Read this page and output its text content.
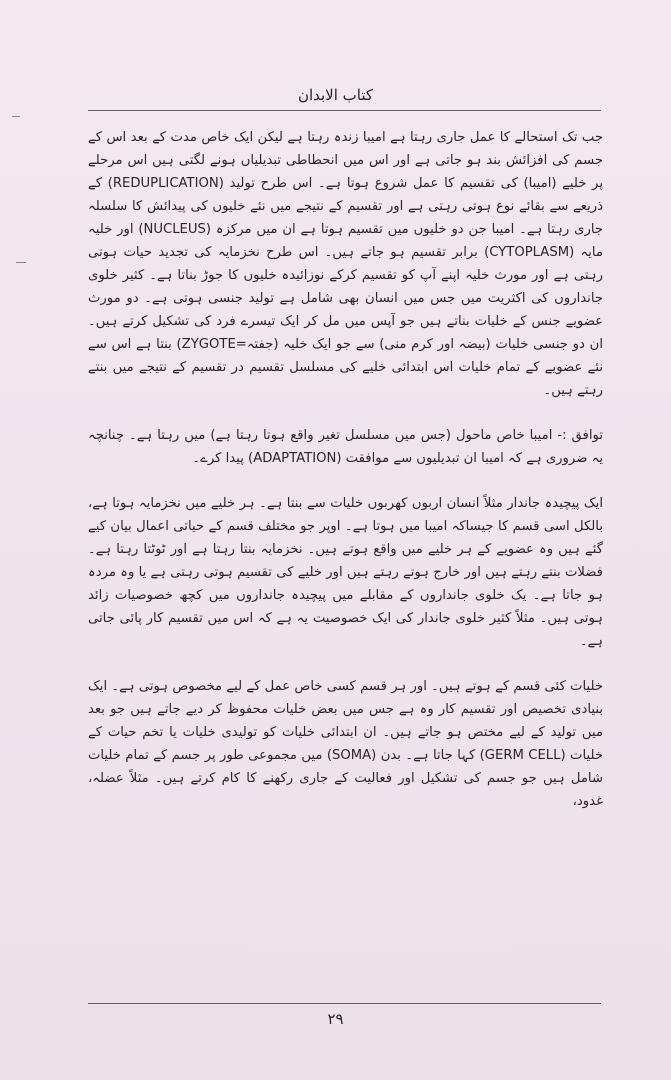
کتاب الابدان

جب تک استحالے کا عمل جاری رہتا ہے امیبا زندہ رہتا ہے لیکن ایک خاص مدت کے بعد اس کے جسم کی افزائش بند ہو جاتی ہے اور اس میں انحطاطی تبدیلیاں ہونے لگتی ہیں اس مرحلے پر خلیے (امیبا) کی تقسیم کا عمل شروع ہوتا ہے۔ اس طرح تولید (REDUPLICATION) کے ذریعے سے بقائے نوع ہوتی رہتی ہے اور تقسیم کے نتیجے میں نئے خلیوں کی پیدائش کا سلسلہ جاری رہتا ہے۔ امیبا جن دو خلیوں میں تقسیم ہوتا ہے ان میں مرکزہ (NUCLEUS) اور خلیہ مایہ (CYTOPLASM) برابر تقسیم ہو جاتے ہیں۔ اس طرح نخزمایہ کی تجدید حیات ہوتی رہتی ہے اور مورث خلیہ اپنے آپ کو تقسیم کرکے نوزائیدہ خلیوں کا جوڑ بناتا ہے۔ کثیر خلوی جانداروں کی اکثریت میں جس میں انسان بھی شامل ہے تولید جنسی ہوتی ہے۔ دو مورث عضویے جنس کے خلیات بناتے ہیں جو آپس میں مل کر ایک تیسرے فرد کی تشکیل کرتے ہیں۔ ان دو جنسی خلیات (بیضہ اور کرم منی) سے جو ایک خلیہ (جفتہ=ZYGOTE) بنتا ہے اس سے نئے عضویے کے تمام خلیات اس ابتدائی خلیے کی مسلسل تقسیم در تقسیم کے نتیجے میں بنتے رہتے ہیں۔

توافق :- امیبا خاص ماحول (جس میں مسلسل تغیر واقع ہوتا رہتا ہے) میں رہتا ہے۔ چنانچہ یہ ضروری ہے کہ امیبا ان تبدیلیوں سے موافقت (ADAPTATION) پیدا کرے۔

ایک پیچیدہ جاندار مثلاً انسان اربوں کھربوں خلیات سے بنتا ہے۔ ہر خلیے میں نخزمایہ ہوتا ہے، بالکل اسی قسم کا جیساکہ امیبا میں ہوتا ہے۔ اوپر جو مختلف قسم کے حیاتی اعمال بیان کیے گئے ہیں وہ عضویے کے ہر خلیے میں واقع ہوتے ہیں۔ نخزمایہ بنتا رہتا ہے اور ٹوٹتا رہتا ہے۔ فضلات بنتے رہتے ہیں اور خارج ہوتے رہتے ہیں اور خلیے کی تقسیم ہوتی رہتی ہے یا وہ مردہ ہو جاتا ہے۔ یک خلوی جانداروں کے مقابلے میں پیچیدہ جانداروں میں کچھ خصوصیات زائد ہوتی ہیں۔ مثلاً کثیر خلوی جاندار کی ایک خصوصیت یہ ہے کہ اس میں تقسیم کار پائی جاتی ہے۔

خلیات کئی قسم کے ہوتے ہیں۔ اور ہر قسم کسی خاص عمل کے لیے مخصوص ہوتی ہے۔ ایک بنیادی تخصیص اور تقسیم کار وہ ہے جس میں بعض خلیات محفوظ کر دیے جاتے ہیں جو بعد میں تولید کے لیے مختص ہو جاتے ہیں۔ ان ابتدائی خلیات کو تولیدی خلیات یا تخم حیات کے خلیات (GERM CELL) کہا جاتا ہے۔ بدن (SOMA) میں مجموعی طور پر جسم کے تمام خلیات شامل ہیں جو جسم کی تشکیل اور فعالیت کے جاری رکھنے کا کام کرتے ہیں۔ مثلاً عضلہ، غدود،

۲۹
